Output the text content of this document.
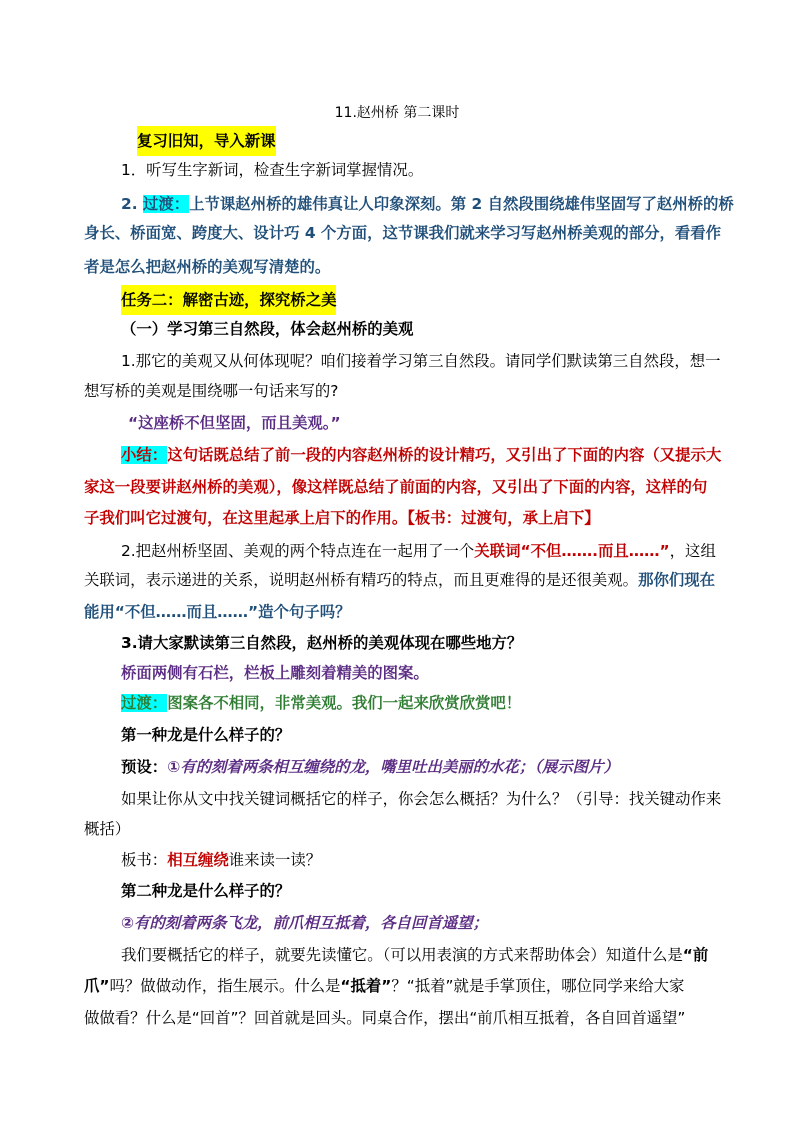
11.赵州桥 第二课时
复习旧知，导入新课
1．听写生字新词，检查生字新词掌握情况。
2. 过渡：上节课赵州桥的雄伟真让人印象深刻。第 2 自然段围绕雄伟坚固写了赵州桥的桥
身长、桥面宽、跨度大、设计巧 4 个方面，这节课我们就来学习写赵州桥美观的部分，看看作
者是怎么把赵州桥的美观写清楚的。
任务二：解密古迹，探究桥之美
（一）学习第三自然段，体会赵州桥的美观
1.那它的美观又从何体现呢？咱们接着学习第三自然段。请同学们默读第三自然段，想一
想写桥的美观是围绕哪一句话来写的?
“这座桥不但坚固，而且美观。”
小结：这句话既总结了前一段的内容赵州桥的设计精巧，又引出了下面的内容（又提示大
家这一段要讲赵州桥的美观），像这样既总结了前面的内容，又引出了下面的内容，这样的句
子我们叫它过渡句，在这里起承上启下的作用。【板书：过渡句，承上启下】
2.把赵州桥坚固、美观的两个特点连在一起用了一个关联词“不但…….而且……”，这组
关联词，表示递进的关系，说明赵州桥有精巧的特点，而且更难得的是还很美观。那你们现在
能用“不但……而且……”造个句子吗？
3.请大家默读第三自然段，赵州桥的美观体现在哪些地方？
桥面两侧有石栏，栏板上雕刻着精美的图案。
过渡：图案各不相同，非常美观。我们一起来欣赏欣赏吧！
第一种龙是什么样子的？
预设：①有的刻着两条相互缠绕的龙，嘴里吐出美丽的水花；（展示图片）
如果让你从文中找关键词概括它的样子，你会怎么概括？为什么？（引导：找关键动作来
概括）
板书：相互缠绕谁来读一读？
第二种龙是什么样子的？
②有的刻着两条飞龙，前爪相互抵着，各自回首遥望；
我们要概括它的样子，就要先读懂它。（可以用表演的方式来帮助体会）知道什么是“前
爪”吗？做做动作，指生展示。什么是“抵着”？“抵着”就是手掌顶住，哪位同学来给大家
做做看？什么是“回首”？回首就是回头。同桌合作，摆出“前爪相互抵着，各自回首遥望”
